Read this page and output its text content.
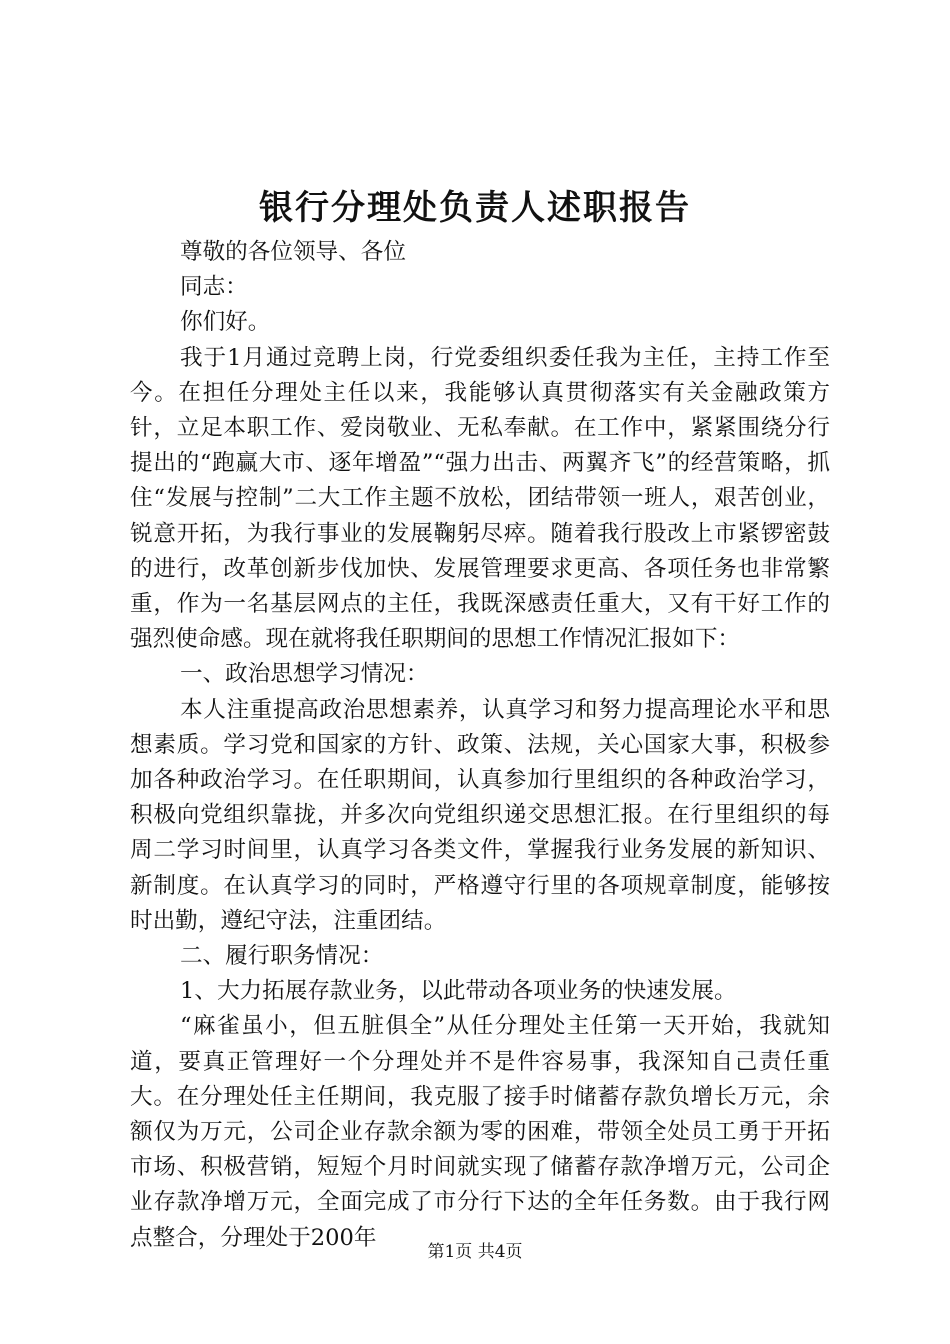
银行分理处负责人述职报告

尊敬的各位领导、各位

同志：

你们好。

我于1月通过竞聘上岗，行党委组织委任我为主任，主持工作至今。在担任分理处主任以来，我能够认真贯彻落实有关金融政策方针，立足本职工作、爱岗敬业、无私奉献。在工作中，紧紧围绕分行提出的“跑赢大市、逐年增盈”“强力出击、两翼齐飞”的经营策略，抓住“发展与控制”二大工作主题不放松，团结带领一班人，艰苦创业，锐意开拓，为我行事业的发展鞠躬尽瘁。随着我行股改上市紧锣密鼓的进行，改革创新步伐加快、发展管理要求更高、各项任务也非常繁重，作为一名基层网点的主任，我既深感责任重大，又有干好工作的强烈使命感。现在就将我任职期间的思想工作情况汇报如下：

一、政治思想学习情况：

本人注重提高政治思想素养，认真学习和努力提高理论水平和思想素质。学习党和国家的方针、政策、法规，关心国家大事，积极参加各种政治学习。在任职期间，认真参加行里组织的各种政治学习，积极向党组织靠拢，并多次向党组织递交思想汇报。在行里组织的每周二学习时间里，认真学习各类文件，掌握我行业务发展的新知识、新制度。在认真学习的同时，严格遵守行里的各项规章制度，能够按时出勤，遵纪守法，注重团结。

二、履行职务情况：

1、大力拓展存款业务，以此带动各项业务的快速发展。

“麻雀虽小，但五脏俱全”从任分理处主任第一天开始，我就知道，要真正管理好一个分理处并不是件容易事，我深知自己责任重大。在分理处任主任期间，我克服了接手时储蓄存款负增长万元，余额仅为万元，公司企业存款余额为零的困难，带领全处员工勇于开拓市场、积极营销，短短个月时间就实现了储蓄存款净增万元，公司企业存款净增万元，全面完成了市分行下达的全年任务数。由于我行网点整合，分理处于200年

第1页 共4页
